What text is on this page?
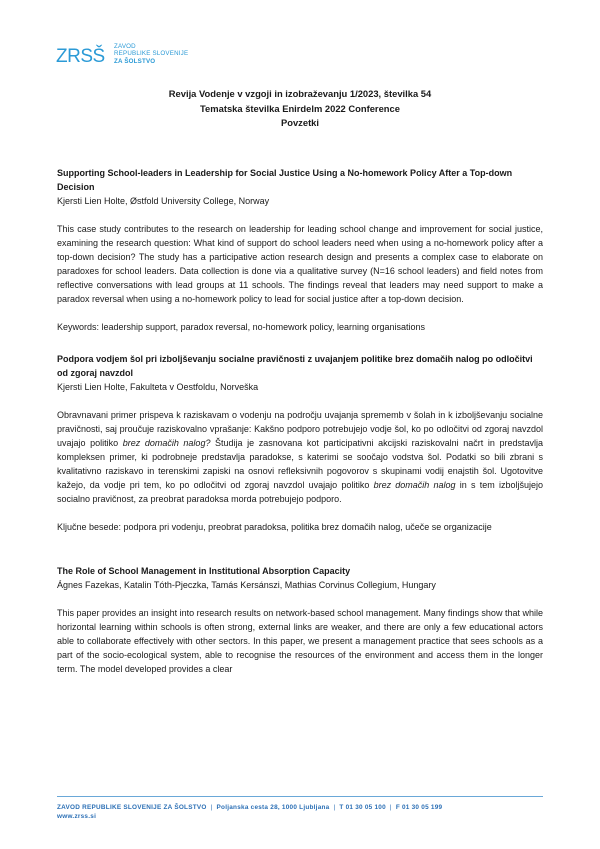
ZRSŠ ZAVOD
REPUBLIKE SLOVENIJE
ZA ŠOLSTVO
Revija Vodenje v vzgoji in izobraževanju 1/2023, številka 54
Tematska številka Enirdelm 2022 Conference
Povzetki

Supporting School-leaders in Leadership for Social Justice Using a No-homework Policy After a Top-down Decision

Kjersti Lien Holte, Østfold University College, Norway

This case study contributes to the research on leadership for leading school change and improvement for social justice, examining the research question: What kind of support do school leaders need when using a no-homework policy after a top-down decision? The study has a participative action research design and presents a complex case to elaborate on paradoxes for school leaders. Data collection is done via a qualitative survey (N=16 school leaders) and field notes from reflective conversations with lead groups at 11 schools. The findings reveal that leaders may need support to make a paradox reversal when using a no-homework policy to lead for social justice after a top-down decision.

Keywords: leadership support, paradox reversal, no-homework policy, learning organisations

Podpora vodjem šol pri izboljševanju socialne pravičnosti z uvajanjem politike brez domačih nalog po odločitvi od zgoraj navzdol

Kjersti Lien Holte, Fakulteta v Oestfoldu, Norveška

Obravnavani primer prispeva k raziskavam o vodenju na področju uvajanja sprememb v šolah in k izboljševanju socialne pravičnosti, saj proučuje raziskovalno vprašanje: Kakšno podporo potrebujejo vodje šol, ko po odločitvi od zgoraj navzdol uvajajo politiko brez domačih nalog? Študija je zasnovana kot participativni akcijski raziskovalni načrt in predstavlja kompleksen primer, ki podrobneje predstavlja paradokse, s katerimi se soočajo vodstva šol. Podatki so bili zbrani s kvalitativno raziskavo in terenskimi zapiski na osnovi refleksivnih pogovorov s skupinami vodij enajstih šol. Ugotovitve kažejo, da vodje pri tem, ko po odločitvi od zgoraj navzdol uvajajo politiko brez domačih nalog in s tem izboljšujejo socialno pravičnost, za preobrat paradoksa morda potrebujejo podporo.

Ključne besede: podpora pri vodenju, preobrat paradoksa, politika brez domačih nalog, učeče se organizacije

The Role of School Management in Institutional Absorption Capacity

Ágnes Fazekas, Katalin Tóth-Pjeczka, Tamás Kersánszi, Mathias Corvinus Collegium, Hungary

This paper provides an insight into research results on network-based school management. Many findings show that while horizontal learning within schools is often strong, external links are weaker, and there are only a few educational actors able to collaborate effectively with other sectors. In this paper, we present a management practice that sees schools as a part of the socio-ecological system, able to recognise the resources of the environment and access them in the longer term. The model developed provides a clear

ZAVOD REPUBLIKE SLOVENIJE ZA ŠOLSTVO | Poljanska cesta 28, 1000 Ljubljana | T 01 30 05 100 | F 01 30 05 199
www.zrss.si
